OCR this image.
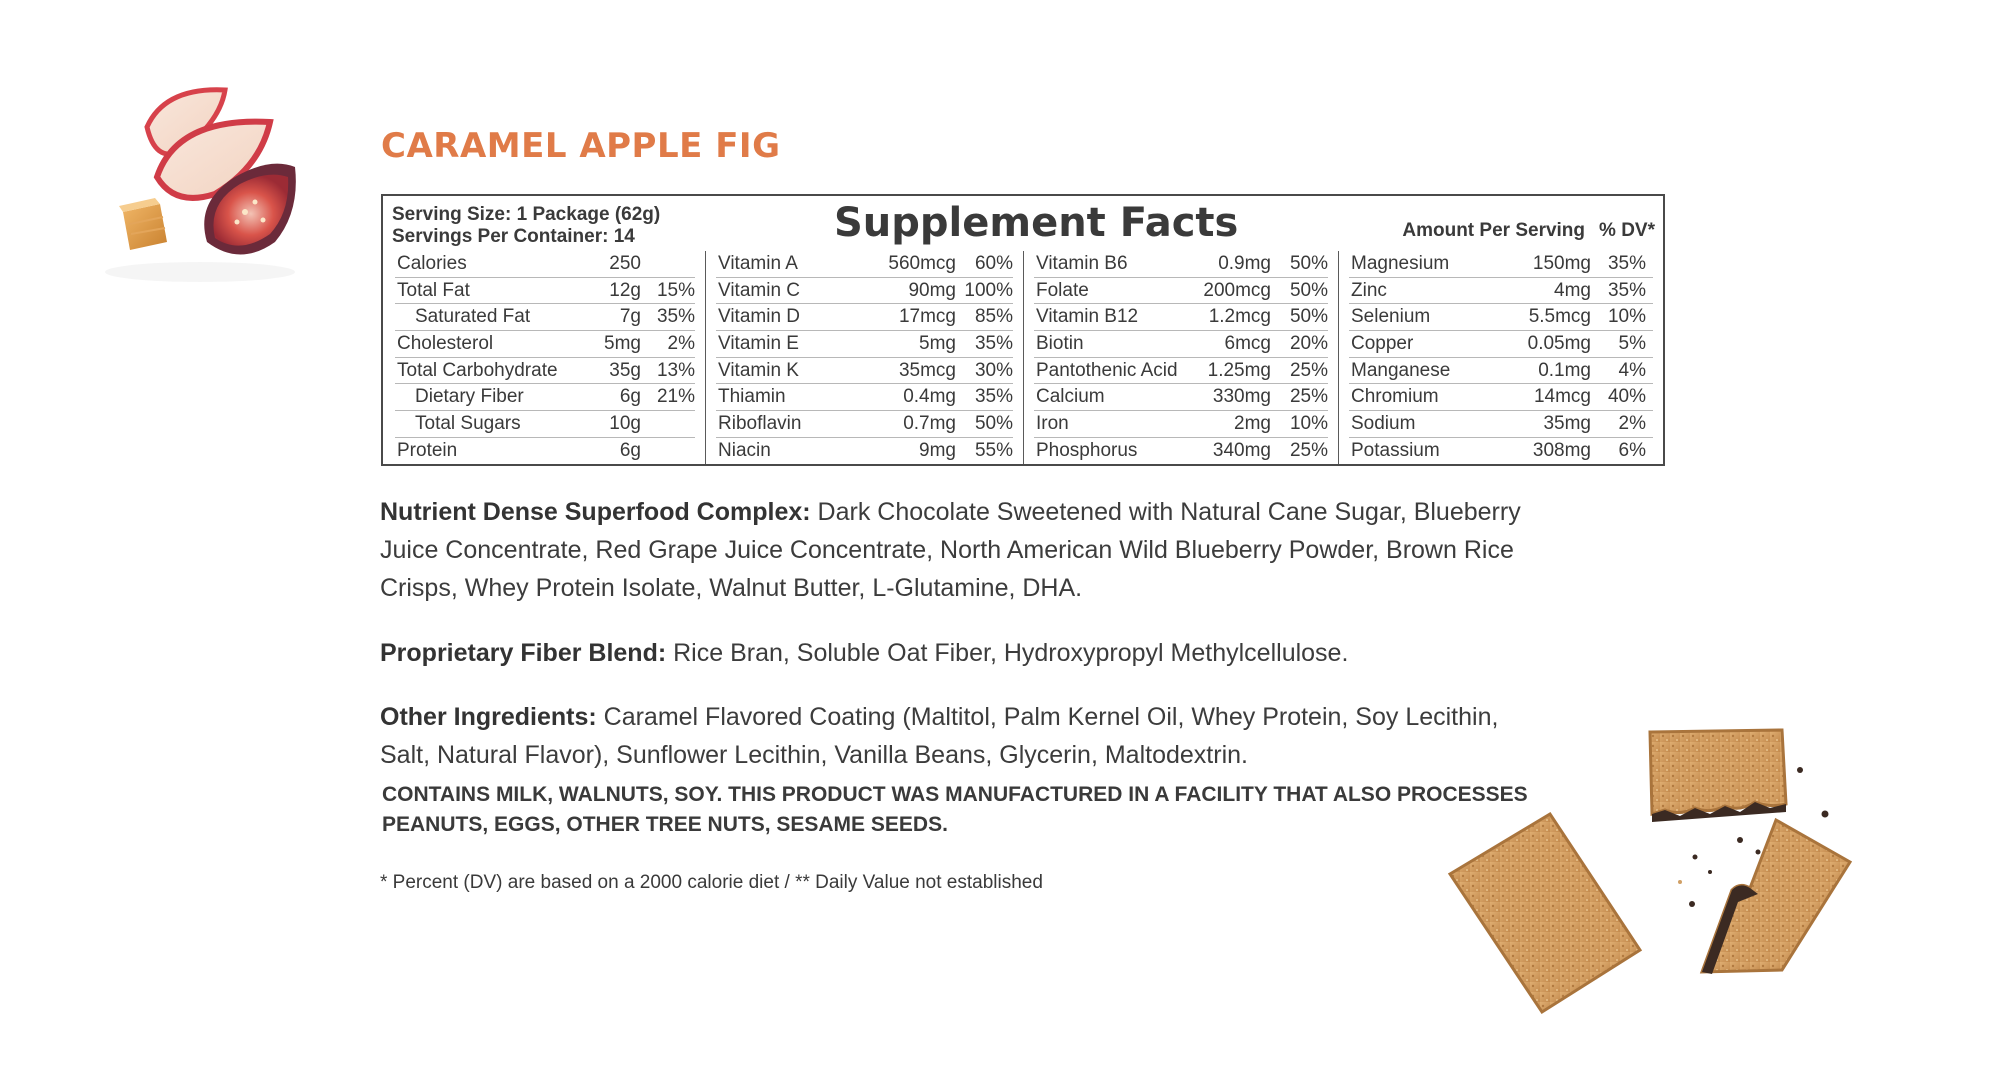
CARAMEL APPLE FIG
Serving Size: 1 Package (62g)
Servings Per Container: 14	Supplement Facts	Amount Per Serving % DV*
Calories	250
Total Fat	12g 15%
Saturated Fat	7g 35%
Cholesterol	5mg 2%
Total Carbohydrate	35g 13%
Dietary Fiber	6g 21%
Total Sugars	10g
Protein	6g
Vitamin A	560mcg 60%
Vitamin C	90mg 100%
Vitamin D	17mcg 85%
Vitamin E	5mg 35%
Vitamin K	35mcg 30%
Thiamin	0.4mg 35%
Riboflavin	0.7mg 50%
Niacin	9mg 55%
Vitamin B6	0.9mg 50%
Folate	200mcg 50%
Vitamin B12	1.2mcg 50%
Biotin	6mcg 20%
Pantothenic Acid 1.25mg 25%
Calcium	330mg 25%
Iron	2mg 10%
Phosphorus	340mg 25%
Magnesium	150mg 35%
Zinc	4mg 35%
Selenium	5.5mcg 10%
Copper	0.05mg 5%
Manganese	0.1mg 4%
Chromium	14mcg 40%
Sodium	35mg 2%
Potassium	308mg 6%
Nutrient Dense Superfood Complex: Dark Chocolate Sweetened with Natural Cane Sugar, Blueberry Juice Concentrate, Red Grape Juice Concentrate, North American Wild Blueberry Powder, Brown Rice Crisps, Whey Protein Isolate, Walnut Butter, L-Glutamine, DHA.
Proprietary Fiber Blend: Rice Bran, Soluble Oat Fiber, Hydroxypropyl Methylcellulose.
Other Ingredients: Caramel Flavored Coating (Maltitol, Palm Kernel Oil, Whey Protein, Soy Lecithin, Salt, Natural Flavor), Sunflower Lecithin, Vanilla Beans, Glycerin, Maltodextrin.
CONTAINS MILK, WALNUTS, SOY. THIS PRODUCT WAS MANUFACTURED IN A FACILITY THAT ALSO PROCESSES PEANUTS, EGGS, OTHER TREE NUTS, SESAME SEEDS.
* Percent (DV) are based on a 2000 calorie diet / ** Daily Value not established
